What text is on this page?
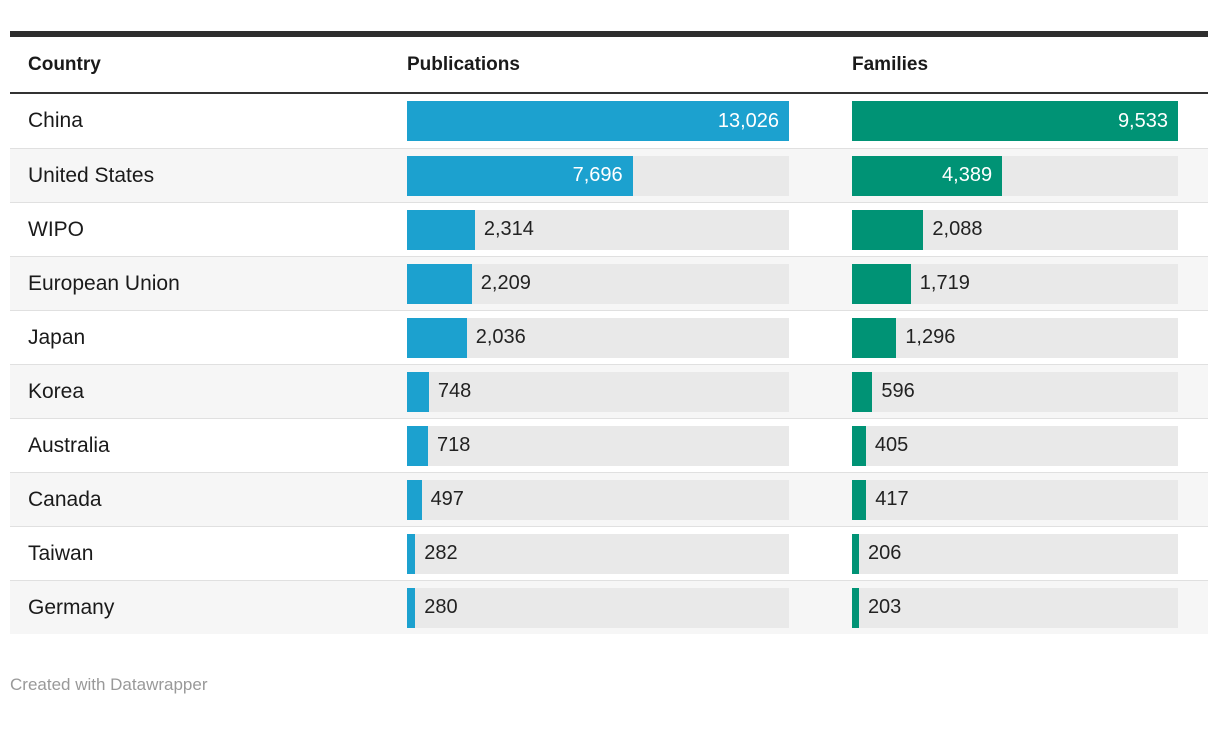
Country	Publications	Families
China	13,026	9,533
United States	7,696	4,389
WIPO	2,314	2,088
European Union	2,209	1,719
Japan	2,036	1,296
Korea	748	596
Australia	718	405
Canada	497	417
Taiwan	282	206
Germany	280	203
Created with Datawrapper
